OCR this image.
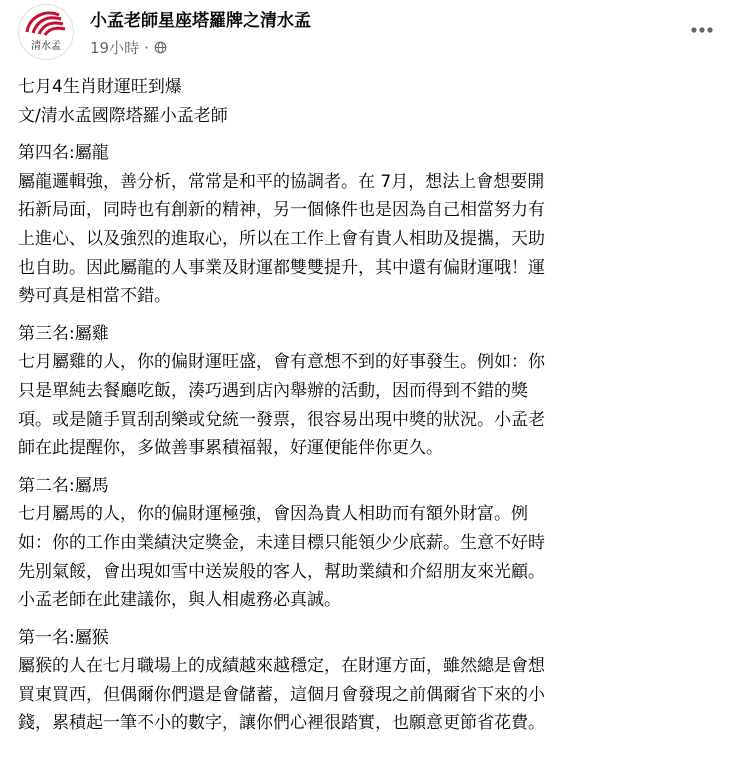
清水孟
小孟老師星座塔羅牌之清水孟
19小時 ·

七月4生肖財運旺到爆

文/清水孟國際塔羅小孟老師

第四名:屬龍

屬龍邏輯強，善分析，常常是和平的協調者。在 7月，想法上會想要開

拓新局面，同時也有創新的精神，另一個條件也是因為自己相當努力有

上進心、以及強烈的進取心，所以在工作上會有貴人相助及提攜，天助

也自助。因此屬龍的人事業及財運都雙雙提升，其中還有偏財運哦！運

勢可真是相當不錯。

第三名:屬雞

七月屬雞的人，你的偏財運旺盛，會有意想不到的好事發生。例如：你

只是單純去餐廳吃飯，湊巧遇到店內舉辦的活動，因而得到不錯的獎

項。或是隨手買刮刮樂或兌統一發票，很容易出現中獎的狀況。小孟老

師在此提醒你，多做善事累積福報，好運便能伴你更久。

第二名:屬馬

七月屬馬的人，你的偏財運極強，會因為貴人相助而有額外財富。例

如：你的工作由業績決定獎金，未達目標只能領少少底薪。生意不好時

先別氣餒，會出現如雪中送炭般的客人，幫助業績和介紹朋友來光顧。

小孟老師在此建議你，與人相處務必真誠。

第一名:屬猴

屬猴的人在七月職場上的成績越來越穩定，在財運方面，雖然總是會想

買東買西，但偶爾你們還是會儲蓄，這個月會發現之前偶爾省下來的小

錢，累積起一筆不小的數字，讓你們心裡很踏實，也願意更節省花費。
